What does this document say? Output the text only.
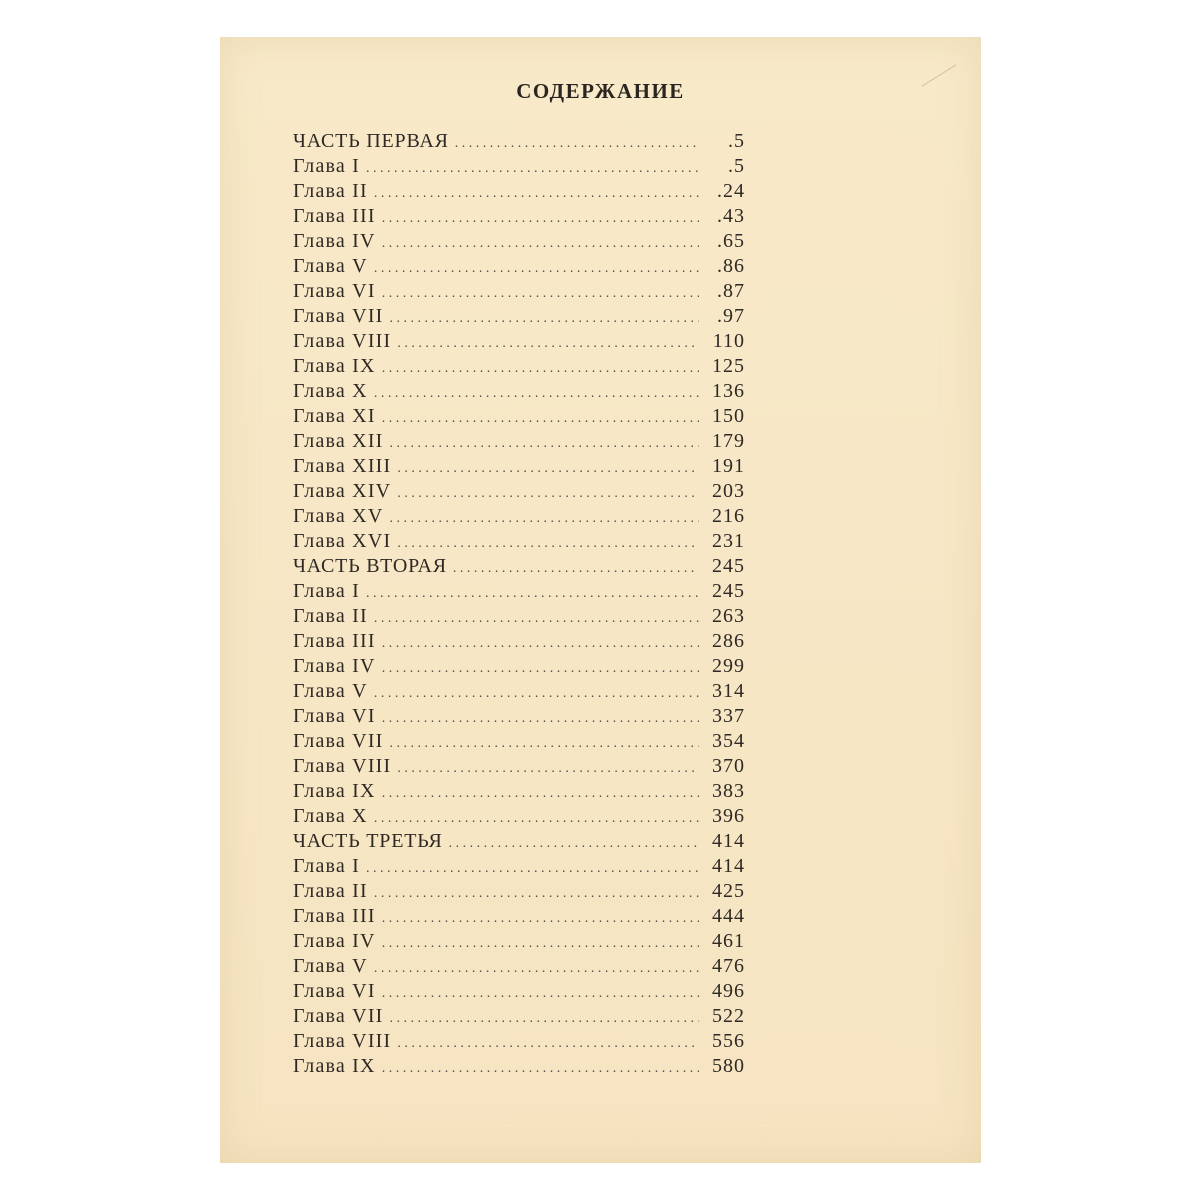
СОДЕРЖАНИЕ
ЧАСТЬ ПЕРВАЯ . . .	.5
Глава I . . .	.5
Глава II . . .	.24
Глава III . . .	.43
Глава IV . . .	.65
Глава V . . .	.86
Глава VI . . .	.87
Глава VII . . .	.97
Глава VIII . . .	110
Глава IX . . .	125
Глава X . . .	136
Глава XI . . .	150
Глава XII . . .	179
Глава XIII . . .	191
Глава XIV . . .	203
Глава XV . . .	216
Глава XVI . . .	231
ЧАСТЬ ВТОРАЯ . . .	245
Глава I . . .	245
Глава II . . .	263
Глава III . . .	286
Глава IV . . .	299
Глава V . . .	314
Глава VI . . .	337
Глава VII . . .	354
Глава VIII . . .	370
Глава IX . . .	383
Глава X . . .	396
ЧАСТЬ ТРЕТЬЯ . . .	414
Глава I . . .	414
Глава II . . .	425
Глава III . . .	444
Глава IV . . .	461
Глава V . . .	476
Глава VI . . .	496
Глава VII . . .	522
Глава VIII . . .	556
Глава IX . . .	580
